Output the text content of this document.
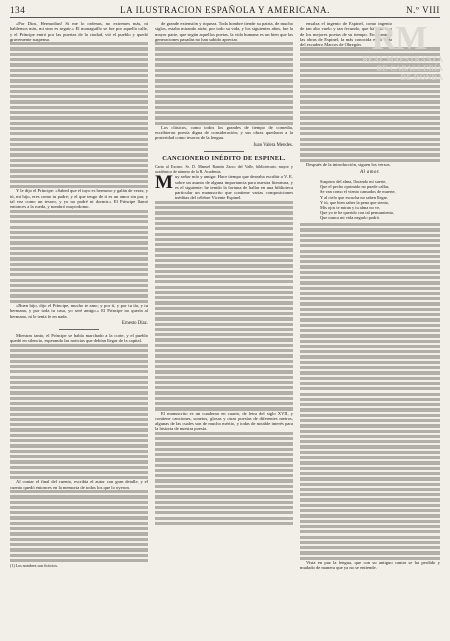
134	LA ILUSTRACION ESPAÑOLA Y AMERICANA.	N.º VIII

«Por Dios, Hermodius! Si me lo ordenas, no extremes más, ni hablemos más, mi sino es seguir.» El monaguillo se fue por aquella calle, y el Príncipe entró por las puertas de la ciudad, vió el pueblo y quedó gravemente suspenso.

Y le dijo el Príncipe: «Sabed que el tuyo es hermoso y galán de veras; y tú, mi hijo, eres como tu padre; y el que tengo de ti es un amor sin par, y tal vez como un tesoro, y yo no podré ni dormir.» El Príncipe llamó entonces a la rueda, y nombró mayordomo.

«Buen hijo, dijo el Príncipe, mucho te amo; y por tí, y por tu tía, y tu hermana, y por toda tu casa, yo seré amigo.» El Príncipe no quería al hermano, ni le tenía fe en nada.

Ernesto Díaz.

Mientras tanto, el Príncipe se había marchado a la corte, y el pueblo quedó en silencio, esperando las noticias que debían llegar de la capital.

Al contar el final del cuento, escribía el autor con gran detalle, y el cuento quedó entonces en la memoria de todos los que lo oyeron.

(1) Los nombres son ficticios.

de grande extensión y riqueza. Toda hombre tiende su patria, de mucho siglos, estaba mirando atrás; por todo su vida, y los siguientes años, fue la mayor parte, que según aquellos poetas, la vida humana es un bien que las generaciones pasadas no han sabido apreciar.

Los clásicos, como todos los grandes de tiempo de comedia, escribieron poesía digna de consideración; y sus obras quedaron a la posteridad como tesoros de la lengua.

Juan Valera Mendes.
CANCIONERO INÉDITO DE ESPINEL.

Carta al Excmo. Sr. D. Manuel Ramón Zarco del Valle, bibliotecario mayor y académico de número de la R. Academia.

M uy señor mío y amigo: Hace tiempo que deseaba escribir a V. E. sobre un asunto de alguna importancia para nuestra literatura, y es el siguiente: he tenido la fortuna de hallar en una biblioteca particular un manuscrito que contiene varias composiciones inéditas del célebre Vicente Espinel.

El manuscrito es un cuaderno en cuarto, de letra del siglo XVII, y contiene canciones, sonetos, glosas y otras poesías de diferentes metros, algunas de las cuales son de mucho mérito, y todas de notable interés para la historia de nuestra poesía.

ensalza el ingenio de Espinel, como ingenio de tan alto vuelo y tan fecundo, que ha sido uno de los mejores poetas de su tiempo. En cuanto a las obras de Espinel, la más conocida es la Vida del escudero Marcos de Obregón.

Después de la introducción, siguen los versos.

Al amor.
Suspiros del alma, llorando mi suerte,
Que el pecho oprimido no puede callar,
Se van como el viento cansados de muerte,
Y al cielo que escucha no saben llegar.
Y tú, que bien sabes la pena que siento,
Mis ojos te miran y tu alma no ve,
Que yo te he querido con tal pensamiento,
Que nunca mi vida negarlo podrá.

Vista en paz la lengua, que con su antiguo cantar se ha perdido y mudado de manera que ya no se entiende.

RM
REAL MAESTRANZA
DE CABALLERÍA
DE RONDA
